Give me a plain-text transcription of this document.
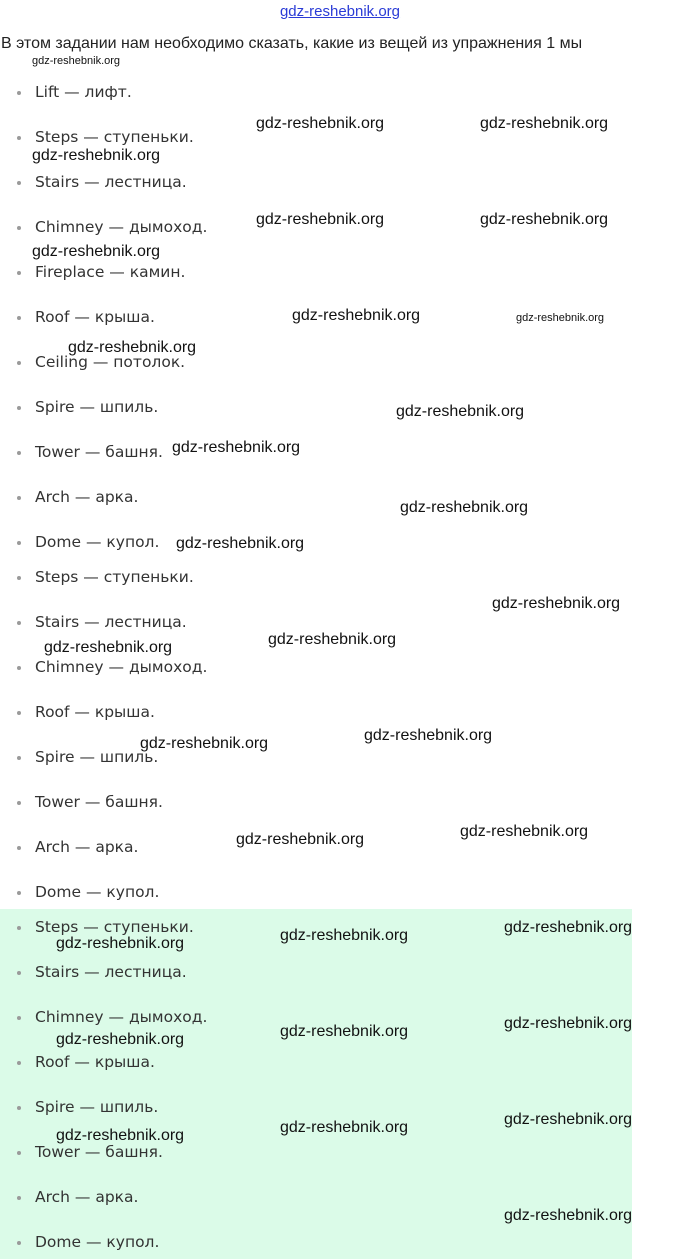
gdz-reshebnik.org
В этом задании нам необходимо сказать, какие из вещей из упражнения 1 мы
Lift — лифт.
Steps — ступеньки.
Stairs — лестница.
Chimney — дымоход.
Fireplace — камин.
Roof — крыша.
Ceiling — потолок.
Spire — шпиль.
Tower — башня.
Arch — арка.
Dome — купол.
Steps — ступеньки.
Stairs — лестница.
Chimney — дымоход.
Roof — крыша.
Spire — шпиль.
Tower — башня.
Arch — арка.
Dome — купол.
Steps — ступеньки.
Stairs — лестница.
Chimney — дымоход.
Roof — крыша.
Spire — шпиль.
Tower — башня.
Arch — арка.
Dome — купол.
gdz-reshebnik.org
gdz-reshebnik.org	gdz-reshebnik.org
gdz-reshebnik.org
gdz-reshebnik.org	gdz-reshebnik.org
gdz-reshebnik.org
gdz-reshebnik.org	gdz-reshebnik.org
gdz-reshebnik.org
gdz-reshebnik.org
gdz-reshebnik.org
gdz-reshebnik.org
gdz-reshebnik.org
gdz-reshebnik.org
gdz-reshebnik.org
gdz-reshebnik.org
gdz-reshebnik.org
gdz-reshebnik.org
gdz-reshebnik.org
gdz-reshebnik.org
gdz-reshebnik.org
gdz-reshebnik.org
gdz-reshebnik.org
gdz-reshebnik.org
gdz-reshebnik.org
gdz-reshebnik.org
gdz-reshebnik.org
gdz-reshebnik.org
gdz-reshebnik.org
gdz-reshebnik.org
